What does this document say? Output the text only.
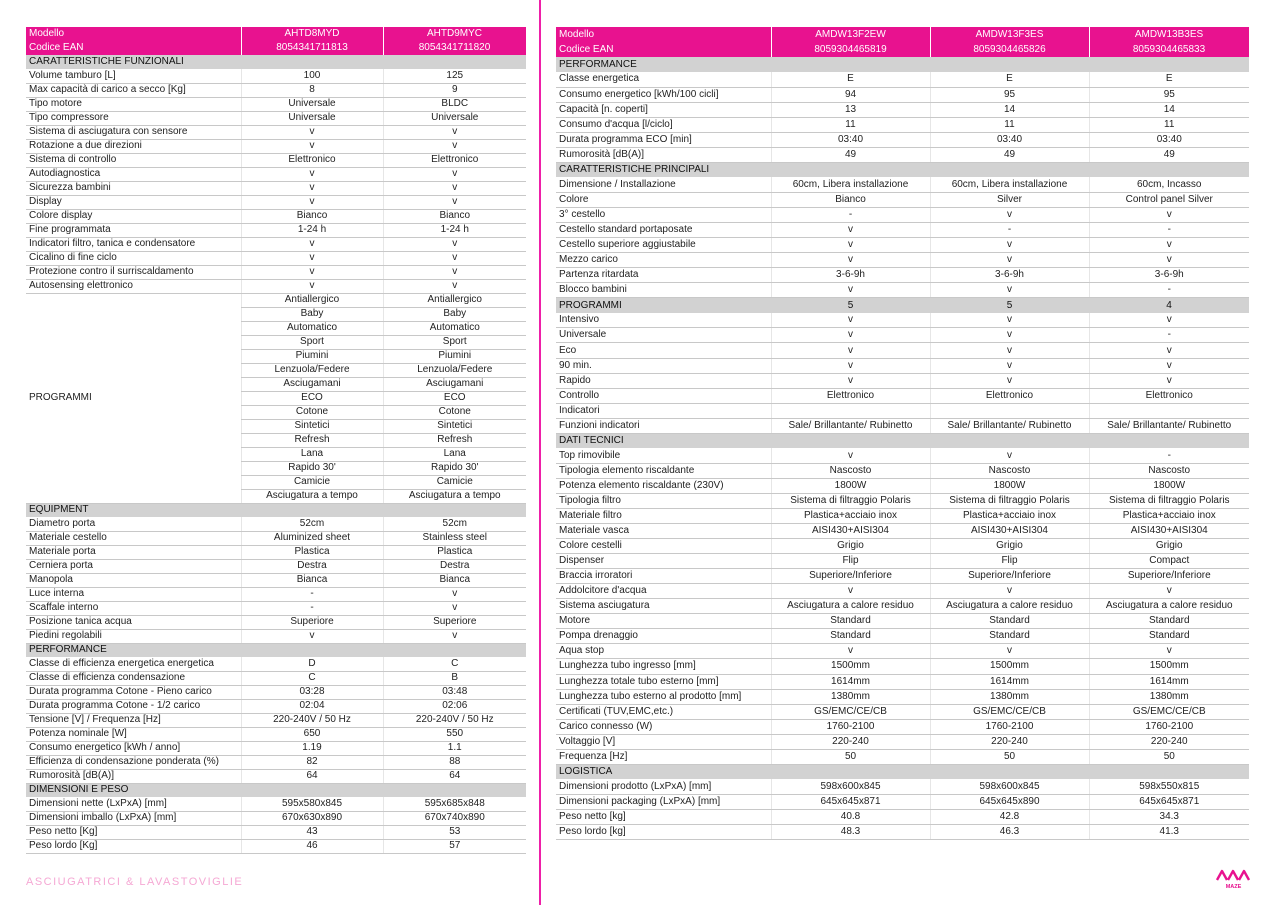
Modello	AHTD8MYD	AHTD9MYC
Codice EAN	8054341711813	8054341711820
CARATTERISTICHE FUNZIONALI		
Volume tamburo [L]	100	125
Max capacità di carico a secco [Kg]	8	9
Tipo motore	Universale	BLDC
Tipo compressore	Universale	Universale
Sistema di asciugatura con sensore	v	v
Rotazione a due direzioni	v	v
Sistema di controllo	Elettronico	Elettronico
Autodiagnostica	v	v
Sicurezza bambini	v	v
Display	v	v
Colore display	Bianco	Bianco
Fine programmata	1-24 h	1-24 h
Indicatori filtro, tanica e condensatore	v	v
Cicalino di fine ciclo	v	v
Protezione contro il surriscaldamento	v	v
Autosensing elettronico	v	v
PROGRAMMI	Antiallergico	Antiallergico
	Baby	Baby
	Automatico	Automatico
	Sport	Sport
	Piumini	Piumini
	Lenzuola/Federe	Lenzuola/Federe
	Asciugamani	Asciugamani
	ECO	ECO
	Cotone	Cotone
	Sintetici	Sintetici
	Refresh	Refresh
	Lana	Lana
	Rapido 30'	Rapido 30'
	Camicie	Camicie
	Asciugatura a tempo	Asciugatura a tempo
EQUIPMENT		
Diametro porta	52cm	52cm
Materiale cestello	Aluminized sheet	Stainless steel
Materiale porta	Plastica	Plastica
Cerniera porta	Destra	Destra
Manopola	Bianca	Bianca
Luce interna	-	v
Scaffale interno	-	v
Posizione tanica acqua	Superiore	Superiore
Piedini regolabili	v	v
PERFORMANCE		
Classe di efficienza energetica energetica	D	C
Classe di efficienza condensazione	C	B
Durata programma Cotone - Pieno carico	03:28	03:48
Durata programma Cotone - 1/2 carico	02:04	02:06
Tensione [V] / Frequenza [Hz]	220-240V / 50 Hz	220-240V / 50 Hz
Potenza nominale [W]	650	550
Consumo energetico [kWh / anno]	1.19	1.1
Efficienza di condensazione ponderata (%)	82	88
Rumorosità [dB(A)]	64	64
DIMENSIONI E PESO		
Dimensioni nette (LxPxA) [mm]	595x580x845	595x685x848
Dimensioni imballo (LxPxA) [mm]	670x630x890	670x740x890
Peso netto [Kg]	43	53
Peso lordo [Kg]	46	57
Modello	AMDW13F2EW	AMDW13F3ES	AMDW13B3ES
Codice EAN	8059304465819	8059304465826	8059304465833
PERFORMANCE			
Classe energetica	E	E	E
Consumo energetico [kWh/100 cicli]	94	95	95
Capacità [n. coperti]	13	14	14
Consumo d'acqua [l/ciclo]	11	11	11
Durata programma ECO [min]	03:40	03:40	03:40
Rumorosità [dB(A)]	49	49	49
CARATTERISTICHE PRINCIPALI			
Dimensione / Installazione	60cm, Libera installazione	60cm, Libera installazione	60cm, Incasso
Colore	Bianco	Silver	Control panel Silver
3° cestello	-	v	v
Cestello standard portaposate	v	-	-
Cestello superiore aggiustabile	v	v	v
Mezzo carico	v	v	v
Partenza ritardata	3-6-9h	3-6-9h	3-6-9h
Blocco bambini	v	v	-
PROGRAMMI	5	5	4
Intensivo	v	v	v
Universale	v	v	-
Eco	v	v	v
90 min.	v	v	v
Rapido	v	v	v
Controllo	Elettronico	Elettronico	Elettronico
Indicatori			
Funzioni indicatori	Sale/ Brillantante/ Rubinetto	Sale/ Brillantante/ Rubinetto	Sale/ Brillantante/ Rubinetto
DATI TECNICI			
Top rimovibile	v	v	-
Tipologia elemento riscaldante	Nascosto	Nascosto	Nascosto
Potenza elemento riscaldante (230V)	1800W	1800W	1800W
Tipologia filtro	Sistema di filtraggio Polaris	Sistema di filtraggio Polaris	Sistema di filtraggio Polaris
Materiale filtro	Plastica+acciaio inox	Plastica+acciaio inox	Plastica+acciaio inox
Materiale vasca	AISI430+AISI304	AISI430+AISI304	AISI430+AISI304
Colore cestelli	Grigio	Grigio	Grigio
Dispenser	Flip	Flip	Compact
Braccia irroratori	Superiore/Inferiore	Superiore/Inferiore	Superiore/Inferiore
Addolcitore d'acqua	v	v	v
Sistema asciugatura	Asciugatura a calore residuo	Asciugatura a calore residuo	Asciugatura a calore residuo
Motore	Standard	Standard	Standard
Pompa drenaggio	Standard	Standard	Standard
Aqua stop	v	v	v
Lunghezza tubo ingresso [mm]	1500mm	1500mm	1500mm
Lunghezza totale tubo esterno [mm]	1614mm	1614mm	1614mm
Lunghezza tubo esterno al prodotto [mm]	1380mm	1380mm	1380mm
Certificati (TUV,EMC,etc.)	GS/EMC/CE/CB	GS/EMC/CE/CB	GS/EMC/CE/CB
Carico connesso (W)	1760-2100	1760-2100	1760-2100
Voltaggio [V]	220-240	220-240	220-240
Frequenza [Hz]	50	50	50
LOGISTICA			
Dimensioni prodotto (LxPxA) [mm]	598x600x845	598x600x845	598x550x815
Dimensioni packaging (LxPxA) [mm]	645x645x871	645x645x890	645x645x871
Peso netto [kg]	40.8	42.8	34.3
Peso lordo [kg]	48.3	46.3	41.3
ASCIUGATRICI & LAVASTOVIGLIE	MAZE
